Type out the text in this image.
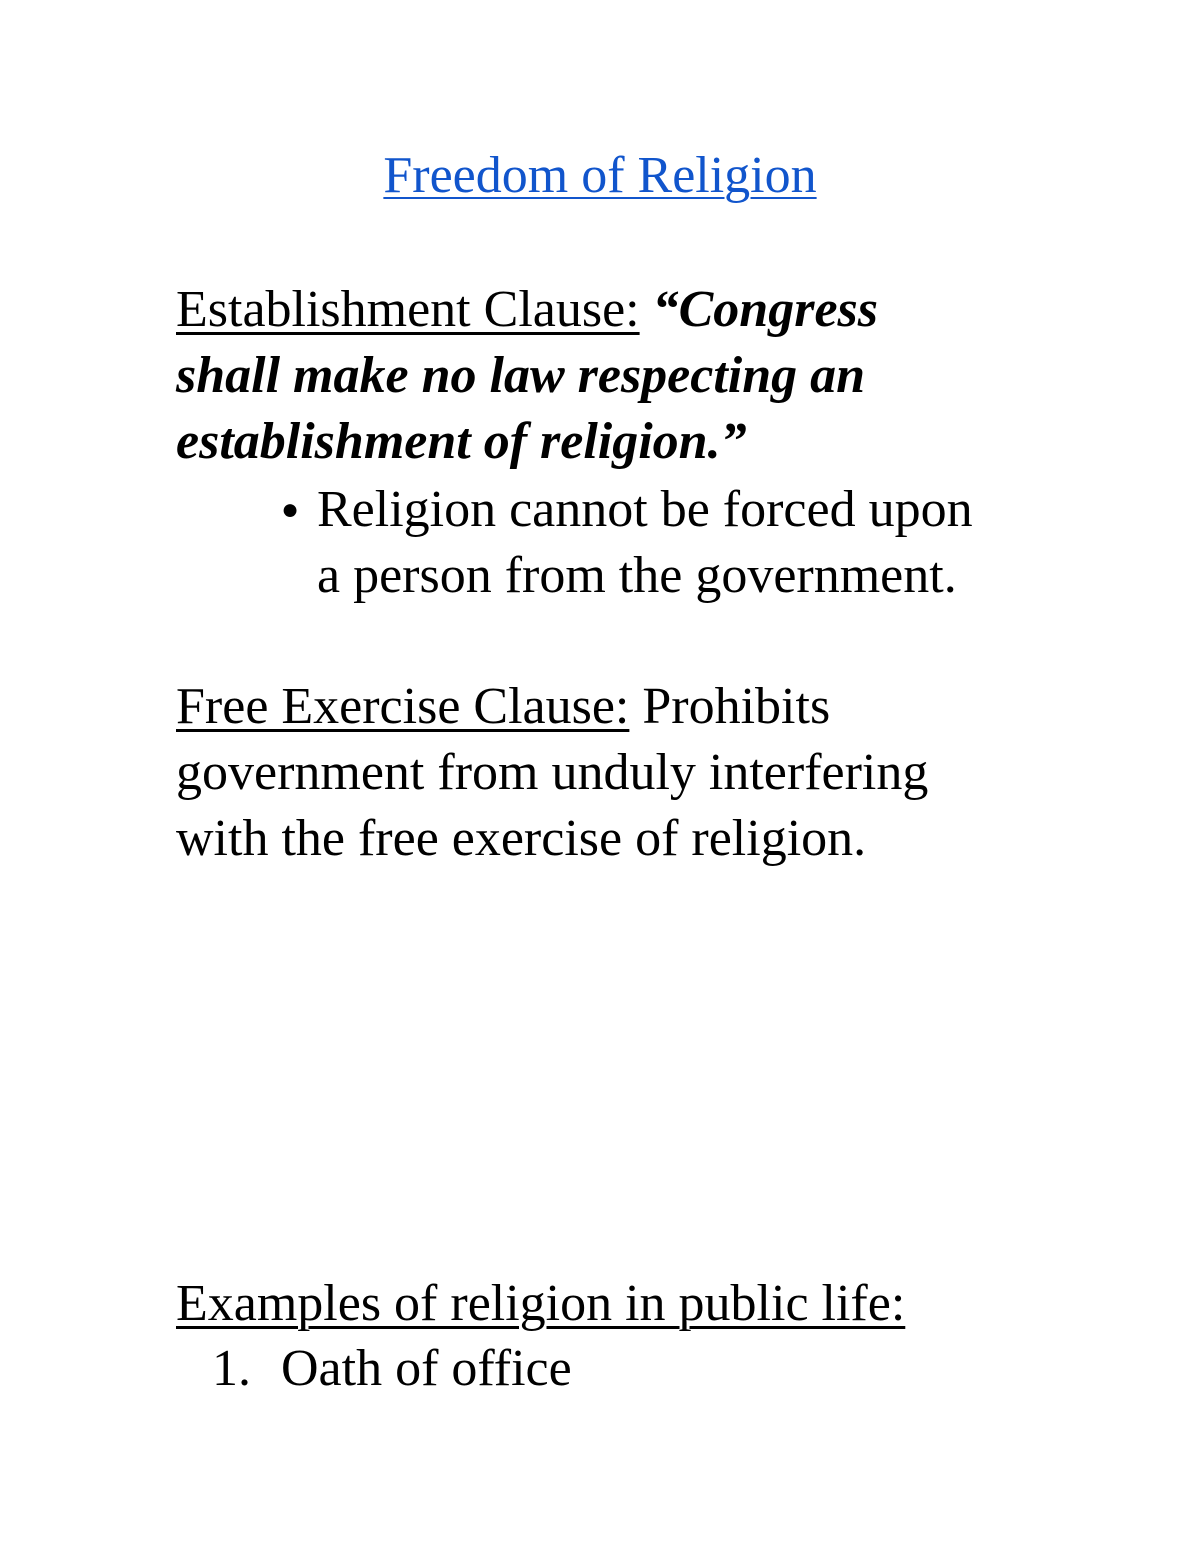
Freedom of Religion
Establishment Clause: “Congress
shall make no law respecting an
establishment of religion.”
● Religion cannot be forced upon
a person from the government.
Free Exercise Clause: Prohibits
government from unduly interfering
with the free exercise of religion.
Examples of religion in public life:
1. Oath of office
